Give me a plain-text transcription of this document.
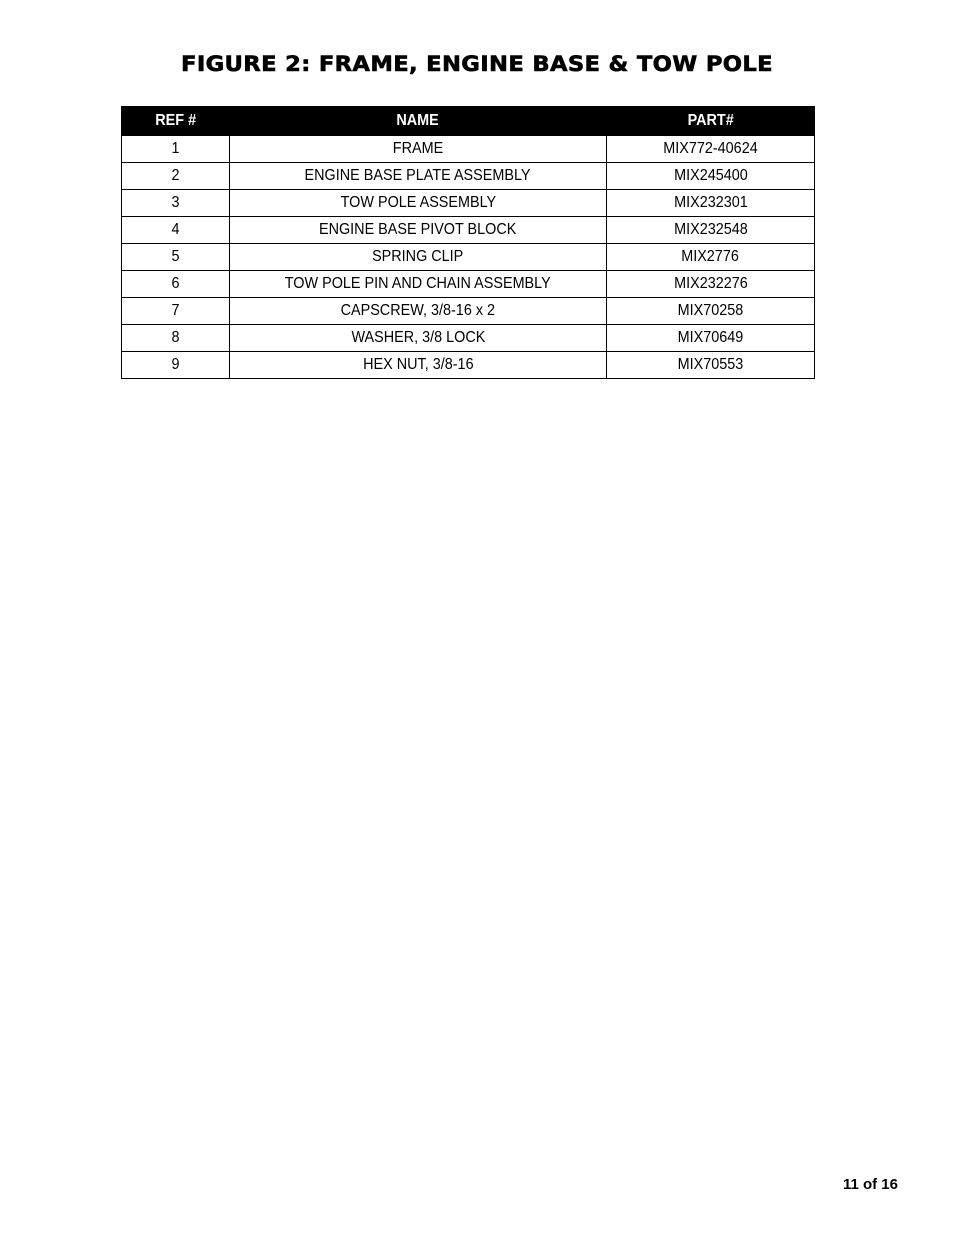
FIGURE 2: FRAME, ENGINE BASE & TOW POLE
REF #	NAME	PART#
1	FRAME	MIX772-40624
2	ENGINE BASE PLATE ASSEMBLY	MIX245400
3	TOW POLE ASSEMBLY	MIX232301
4	ENGINE BASE PIVOT BLOCK	MIX232548
5	SPRING CLIP	MIX2776
6	TOW POLE PIN AND CHAIN ASSEMBLY	MIX232276
7	CAPSCREW, 3/8-16 x 2	MIX70258
8	WASHER, 3/8 LOCK	MIX70649
9	HEX NUT, 3/8-16	MIX70553
11 of 16
